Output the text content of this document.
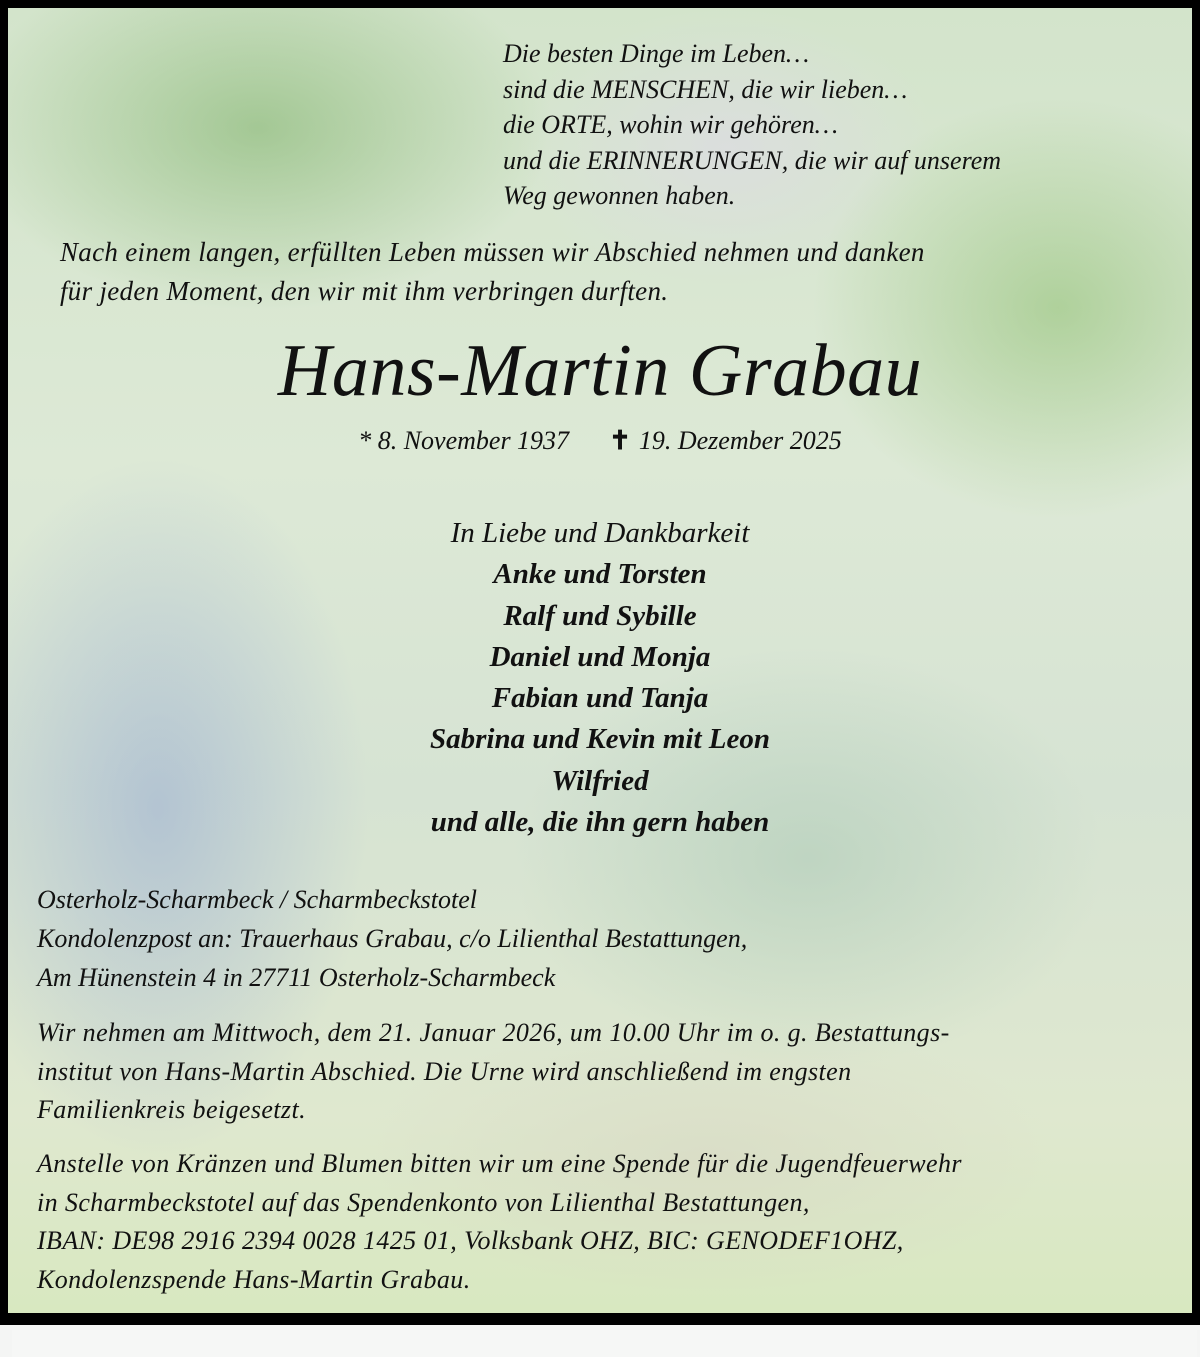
Die besten Dinge im Leben…
sind die MENSCHEN, die wir lieben…
die ORTE, wohin wir gehören…
und die ERINNERUNGEN, die wir auf unserem
Weg gewonnen haben.
Nach einem langen, erfüllten Leben müssen wir Abschied nehmen und danken
für jeden Moment, den wir mit ihm verbringen durften.
Hans-Martin Grabau
* 8. November 1937 ✝ 19. Dezember 2025
In Liebe und Dankbarkeit
Anke und Torsten
Ralf und Sybille
Daniel und Monja
Fabian und Tanja
Sabrina und Kevin mit Leon
Wilfried
und alle, die ihn gern haben
Osterholz-Scharmbeck / Scharmbeckstotel
Kondolenzpost an: Trauerhaus Grabau, c/o Lilienthal Bestattungen,
Am Hünenstein 4 in 27711 Osterholz-Scharmbeck
Wir nehmen am Mittwoch, dem 21. Januar 2026, um 10.00 Uhr im o. g. Bestattungs-
institut von Hans-Martin Abschied. Die Urne wird anschließend im engsten
Familienkreis beigesetzt.
Anstelle von Kränzen und Blumen bitten wir um eine Spende für die Jugendfeuerwehr
in Scharmbeckstotel auf das Spendenkonto von Lilienthal Bestattungen,
IBAN: DE98 2916 2394 0028 1425 01, Volksbank OHZ, BIC: GENODEF1OHZ,
Kondolenzspende Hans-Martin Grabau.
